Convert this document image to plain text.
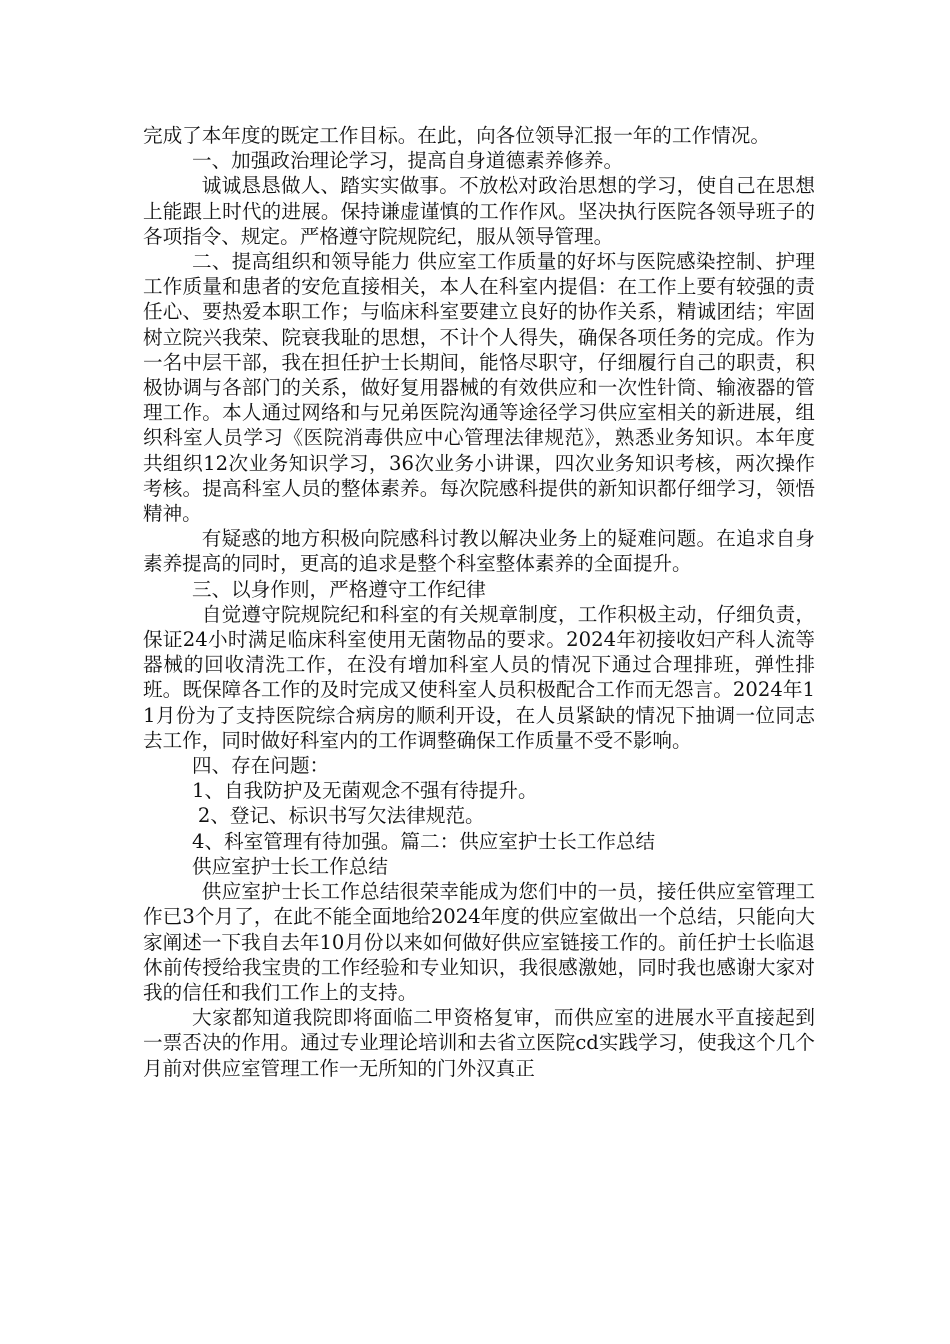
完成了本年度的既定工作目标。在此，向各位领导汇报一年的工作情况。

一、加强政治理论学习，提高自身道德素养修养。

诚诚恳恳做人、踏实实做事。不放松对政治思想的学习，使自己在思想上能跟上时代的进展。保持谦虚谨慎的工作作风。坚决执行医院各领导班子的各项指令、规定。严格遵守院规院纪，服从领导管理。

二、提高组织和领导能力 供应室工作质量的好坏与医院感染控制、护理工作质量和患者的安危直接相关，本人在科室内提倡：在工作上要有较强的责任心、要热爱本职工作；与临床科室要建立良好的协作关系，精诚团结；牢固树立院兴我荣、院衰我耻的思想，不计个人得失，确保各项任务的完成。作为一名中层干部，我在担任护士长期间，能恪尽职守，仔细履行自己的职责，积极协调与各部门的关系，做好复用器械的有效供应和一次性针筒、输液器的管理工作。本人通过网络和与兄弟医院沟通等途径学习供应室相关的新进展，组织科室人员学习《医院消毒供应中心管理法律规范》，熟悉业务知识。本年度共组织12次业务知识学习，36次业务小讲课，四次业务知识考核，两次操作考核。提高科室人员的整体素养。每次院感科提供的新知识都仔细学习，领悟精神。

有疑惑的地方积极向院感科讨教以解决业务上的疑难问题。在追求自身素养提高的同时，更高的追求是整个科室整体素养的全面提升。

三、以身作则，严格遵守工作纪律

自觉遵守院规院纪和科室的有关规章制度，工作积极主动，仔细负责，保证24小时满足临床科室使用无菌物品的要求。2024年初接收妇产科人流等器械的回收清洗工作，在没有增加科室人员的情况下通过合理排班，弹性排班。既保障各工作的及时完成又使科室人员积极配合工作而无怨言。2024年11月份为了支持医院综合病房的顺利开设，在人员紧缺的情况下抽调一位同志去工作，同时做好科室内的工作调整确保工作质量不受不影响。

四、存在问题：

1、自我防护及无菌观念不强有待提升。

2、登记、标识书写欠法律规范。

4、科室管理有待加强。篇二：供应室护士长工作总结

供应室护士长工作总结

供应室护士长工作总结很荣幸能成为您们中的一员，接任供应室管理工作已3个月了，在此不能全面地给2024年度的供应室做出一个总结，只能向大家阐述一下我自去年10月份以来如何做好供应室链接工作的。前任护士长临退休前传授给我宝贵的工作经验和专业知识，我很感激她，同时我也感谢大家对我的信任和我们工作上的支持。

大家都知道我院即将面临二甲资格复审，而供应室的进展水平直接起到一票否决的作用。通过专业理论培训和去省立医院cd实践学习，使我这个几个月前对供应室管理工作一无所知的门外汉真正
